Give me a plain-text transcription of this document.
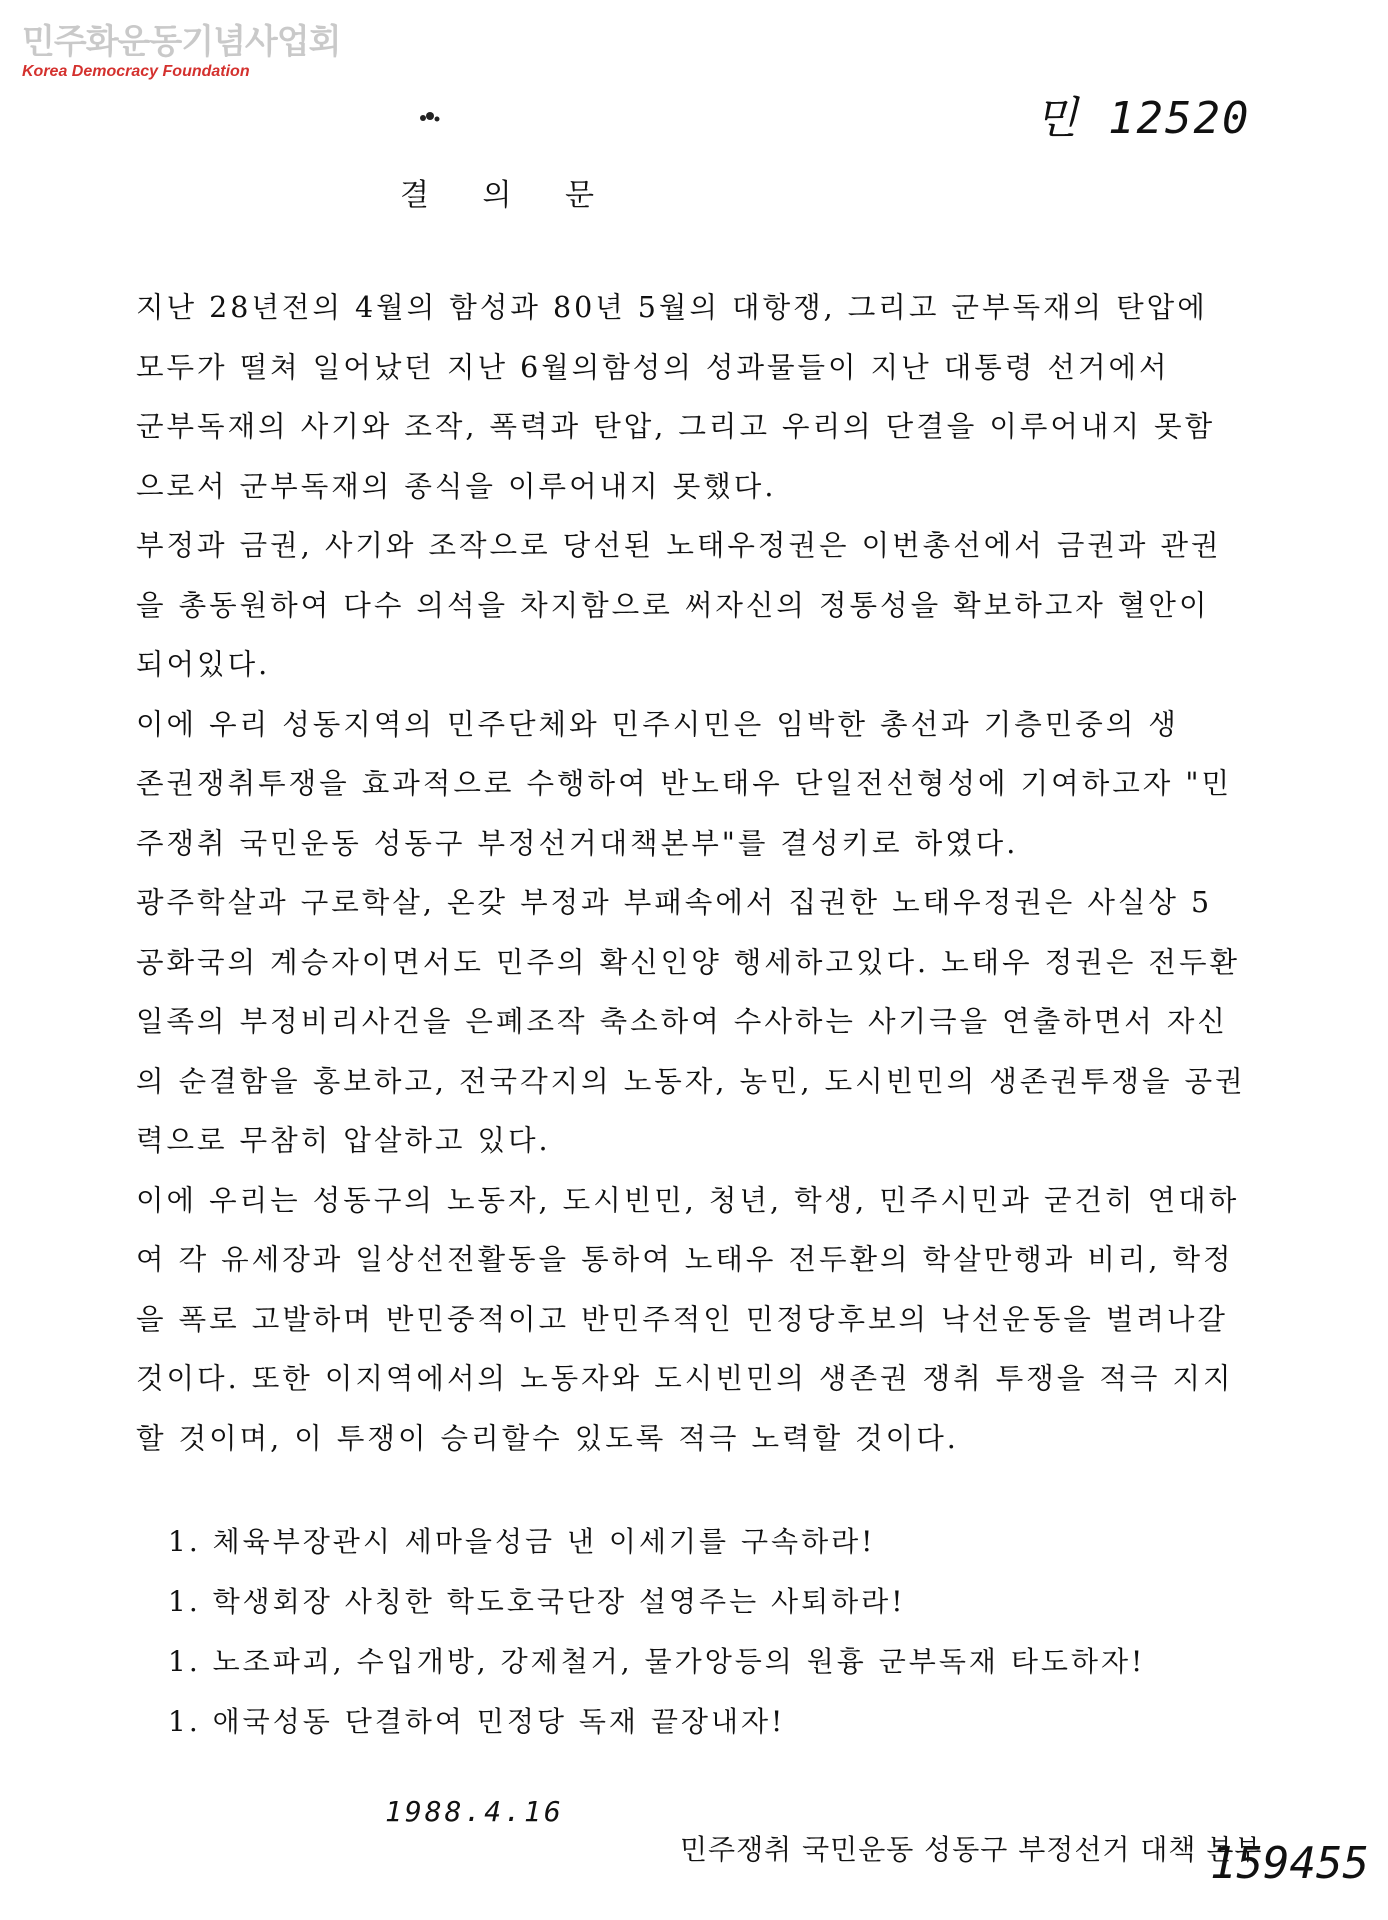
민주화운동기념사업회
Korea Democracy Foundation
민 12520
결 의 문
지난 28년전의 4월의 함성과 80년 5월의 대항쟁, 그리고 군부독재의 탄압에
모두가 떨쳐 일어났던 지난 6월의함성의 성과물들이 지난 대통령 선거에서
군부독재의 사기와 조작, 폭력과 탄압, 그리고 우리의 단결을 이루어내지 못함
으로서 군부독재의 종식을 이루어내지 못했다.
부정과 금권, 사기와 조작으로 당선된 노태우정권은 이번총선에서 금권과 관권
을 총동원하여 다수 의석을 차지함으로 써자신의 정통성을 확보하고자 혈안이
되어있다.
이에 우리 성동지역의 민주단체와 민주시민은 임박한 총선과 기층민중의 생
존권쟁취투쟁을 효과적으로 수행하여 반노태우 단일전선형성에 기여하고자 "민
주쟁취 국민운동 성동구 부정선거대책본부"를 결성키로 하였다.
광주학살과 구로학살, 온갖 부정과 부패속에서 집권한 노태우정권은 사실상 5
공화국의 계승자이면서도 민주의 확신인양 행세하고있다. 노태우 정권은 전두환
일족의 부정비리사건을 은폐조작 축소하여 수사하는 사기극을 연출하면서 자신
의 순결함을 홍보하고, 전국각지의 노동자, 농민, 도시빈민의 생존권투쟁을 공권
력으로 무참히 압살하고 있다.
이에 우리는 성동구의 노동자, 도시빈민, 청년, 학생, 민주시민과 굳건히 연대하
여 각 유세장과 일상선전활동을 통하여 노태우 전두환의 학살만행과 비리, 학정
을 폭로 고발하며 반민중적이고 반민주적인 민정당후보의 낙선운동을 벌려나갈
것이다. 또한 이지역에서의 노동자와 도시빈민의 생존권 쟁취 투쟁을 적극 지지
할 것이며, 이 투쟁이 승리할수 있도록 적극 노력할 것이다.
1. 체육부장관시 세마을성금 낸 이세기를 구속하라!
1. 학생회장 사칭한 학도호국단장 설영주는 사퇴하라!
1. 노조파괴, 수입개방, 강제철거, 물가앙등의 원흉 군부독재 타도하자!
1. 애국성동 단결하여 민정당 독재 끝장내자!
1988.4.16
민주쟁취 국민운동 성동구 부정선거 대책 본부
159455
